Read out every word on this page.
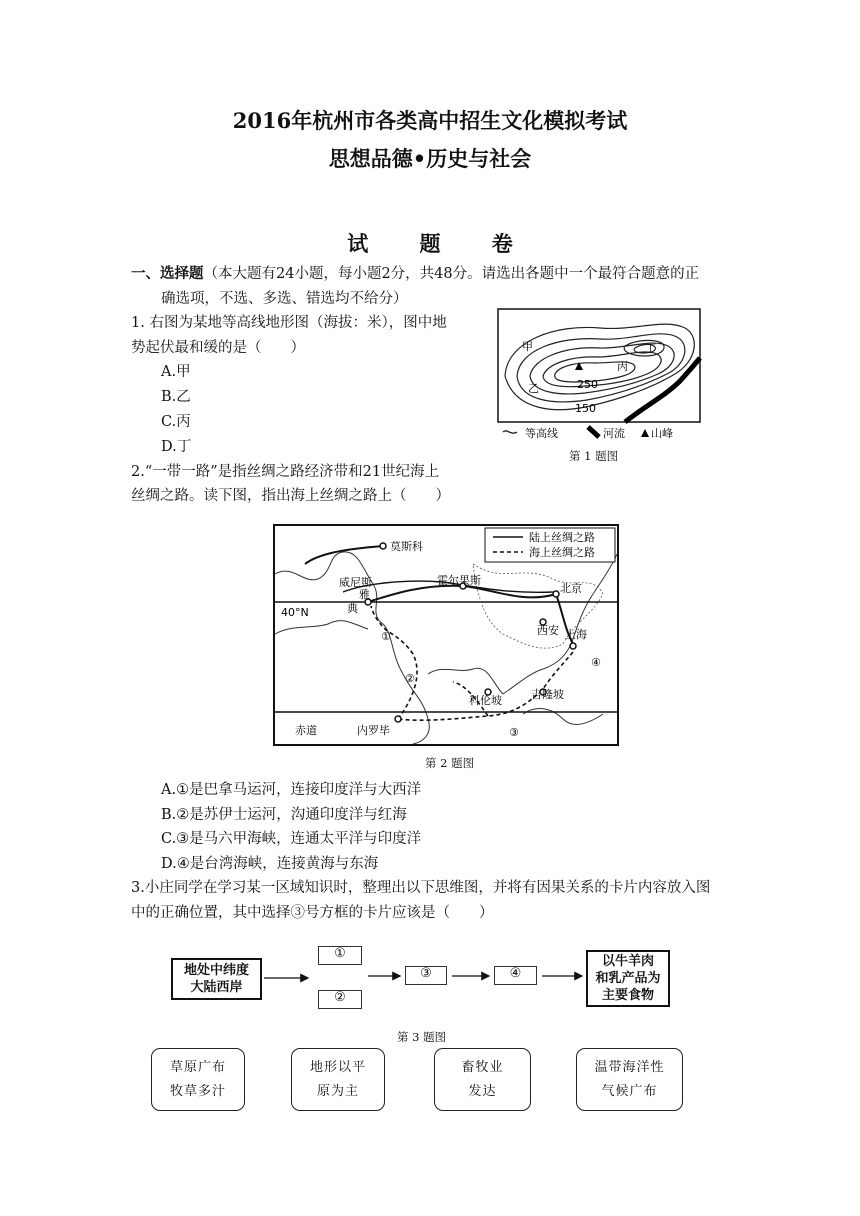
2016年杭州市各类高中招生文化模拟考试
思想品德•历史与社会
试 题 卷
一、选择题（本大题有24小题，每小题2分，共48分。请选出各题中一个最符合题意的正
确选项，不选、多选、错选均不给分）
1. 右图为某地等高线地形图（海拔：米），图中地
势起伏最和缓的是（　　）
A.甲
B.乙
C.丙
D.丁
甲
乙
丙
丁
250
150
等高线	河流 山峰
第 1 题图
2.“一带一路”是指丝绸之路经济带和21世纪海上
丝绸之路。读下图，指出海上丝绸之路上（　　）
陆上丝绸之路
海上丝绸之路
莫斯科
威尼斯
雅
典
霍尔果斯
北京
西安 上海
科伦坡	吉隆坡
内罗毕
赤道
40°N
①
②
③
④
第 2 题图
A.①是巴拿马运河，连接印度洋与大西洋
B.②是苏伊士运河，沟通印度洋与红海
C.③是马六甲海峡，连通太平洋与印度洋
D.④是台湾海峡，连接黄海与东海
3.小庄同学在学习某一区域知识时，整理出以下思维图，并将有因果关系的卡片内容放入图
中的正确位置，其中选择③号方框的卡片应该是（　　）
地处中纬度
大陆西岸
①
②
③	④
以牛羊肉
和乳产品为
主要食物
第 3 题图
草原广布
牧草多汁
地形以平
原为主
畜牧业
发达
温带海洋性
气候广布
